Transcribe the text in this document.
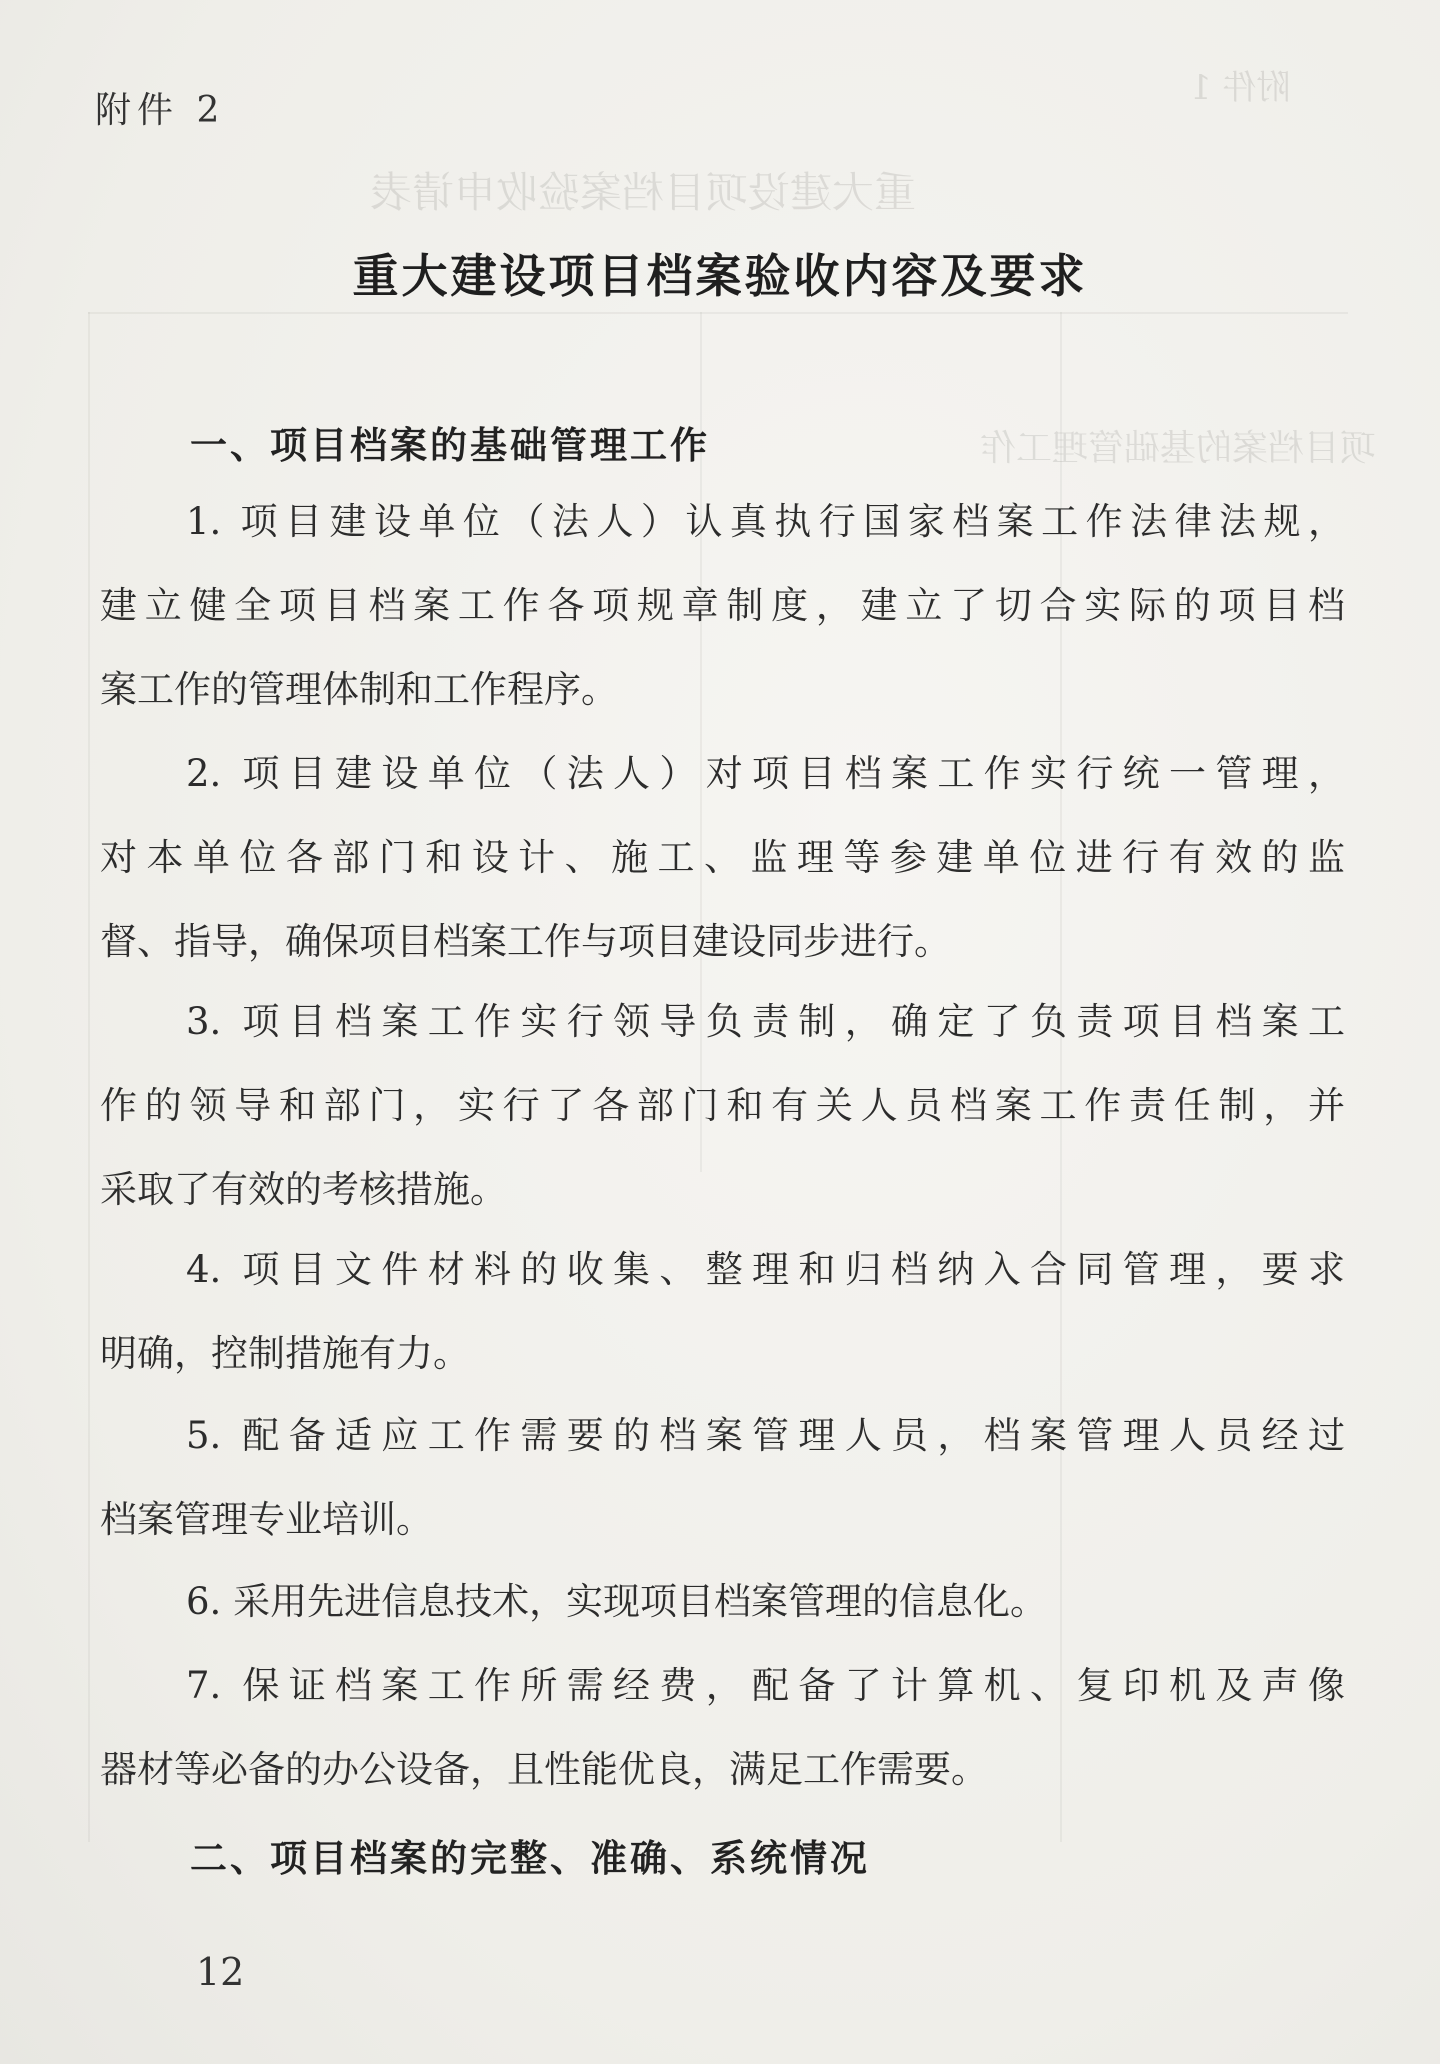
附件 1
重大建设项目档案验收申请表
项目档案的基础管理工作
附件 2
重大建设项目档案验收内容及要求
一、项目档案的基础管理工作
1. 项目建设单位（法人）认真执行国家档案工作法律法规，
建立健全项目档案工作各项规章制度，建立了切合实际的项目档
案工作的管理体制和工作程序。
2. 项目建设单位（法人）对项目档案工作实行统一管理，
对本单位各部门和设计、施工、监理等参建单位进行有效的监
督、指导，确保项目档案工作与项目建设同步进行。
3. 项目档案工作实行领导负责制，确定了负责项目档案工
作的领导和部门，实行了各部门和有关人员档案工作责任制，并
采取了有效的考核措施。
4. 项目文件材料的收集、整理和归档纳入合同管理，要求
明确，控制措施有力。
5. 配备适应工作需要的档案管理人员，档案管理人员经过
档案管理专业培训。
6. 采用先进信息技术，实现项目档案管理的信息化。
7. 保证档案工作所需经费，配备了计算机、复印机及声像
器材等必备的办公设备，且性能优良，满足工作需要。
二、项目档案的完整、准确、系统情况
12
